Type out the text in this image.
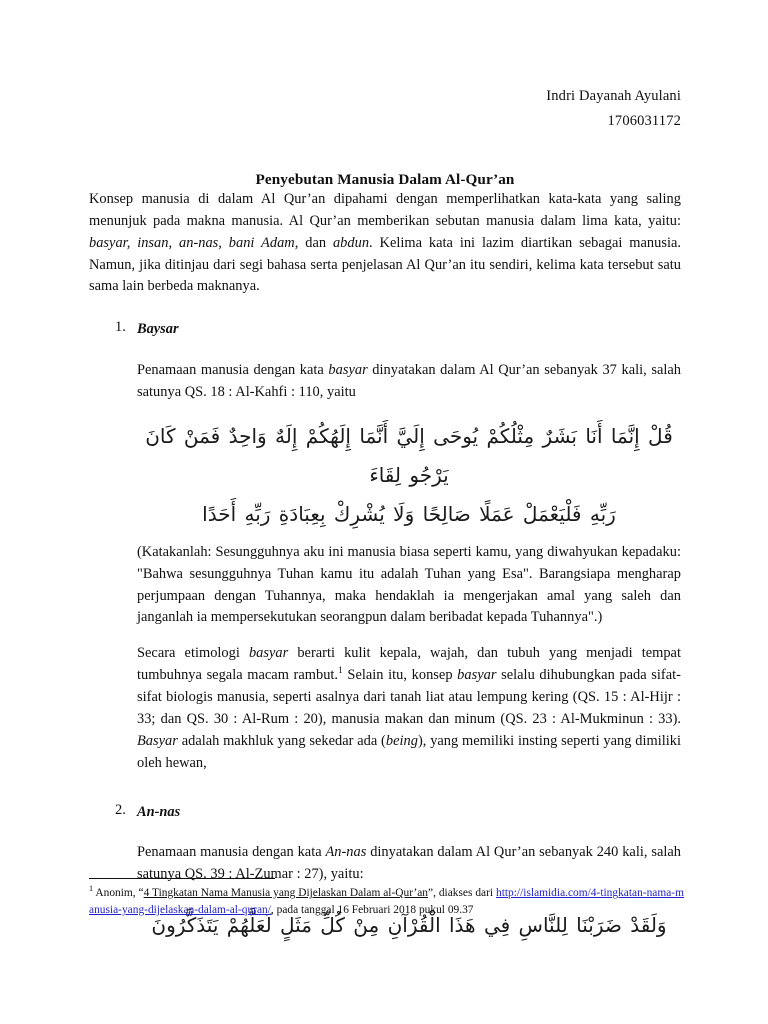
Indri Dayanah Ayulani
1706031172
Penyebutan Manusia Dalam Al-Qur’an

Konsep manusia di dalam Al Qur’an dipahami dengan memperlihatkan kata-kata yang saling menunjuk pada makna manusia. Al Qur’an memberikan sebutan manusia dalam lima kata, yaitu: basyar, insan, an-nas, bani Adam, dan abdun. Kelima kata ini lazim diartikan sebagai manusia. Namun, jika ditinjau dari segi bahasa serta penjelasan Al Qur’an itu sendiri, kelima kata tersebut satu sama lain berbeda maknanya.

1. Baysar

Penamaan manusia dengan kata basyar dinyatakan dalam Al Qur’an sebanyak 37 kali, salah satunya QS. 18 : Al-Kahfi : 110, yaitu

قُلْ إِنَّمَا أَنَا بَشَرٌ مِثْلُكُمْ يُوحَى إِلَيَّ أَنَّمَا إِلَهُكُمْ إِلَهٌ وَاحِدٌ فَمَنْ كَانَ يَرْجُو لِقَاءَ
رَبِّهِ فَلْيَعْمَلْ عَمَلًا صَالِحًا وَلَا يُشْرِكْ بِعِبَادَةِ رَبِّهِ أَحَدًا

(Katakanlah: Sesungguhnya aku ini manusia biasa seperti kamu, yang diwahyukan kepadaku: "Bahwa sesungguhnya Tuhan kamu itu adalah Tuhan yang Esa". Barangsiapa mengharap perjumpaan dengan Tuhannya, maka hendaklah ia mengerjakan amal yang saleh dan janganlah ia mempersekutukan seorangpun dalam beribadat kepada Tuhannya".)

Secara etimologi basyar berarti kulit kepala, wajah, dan tubuh yang menjadi tempat tumbuhnya segala macam rambut.$^1$ Selain itu, konsep basyar selalu dihubungkan pada sifat-sifat biologis manusia, seperti asalnya dari tanah liat atau lempung kering (QS. 15 : Al-Hijr : 33; dan QS. 30 : Al-Rum : 20), manusia makan dan minum (QS. 23 : Al-Mukminun : 33). Basyar adalah makhluk yang sekedar ada (being), yang memiliki insting seperti yang dimiliki oleh hewan,

2. An-nas

Penamaan manusia dengan kata An-nas dinyatakan dalam Al Qur’an sebanyak 240 kali, salah satunya QS. 39 : Al-Zumar : 27), yaitu:

وَلَقَدْ ضَرَبْنَا لِلنَّاسِ فِي هَذَا الْقُرْآنِ مِنْ كُلِّ مَثَلٍ لَعَلَّهُمْ يَتَذَكَّرُونَ

$^1$ Anonim, “4 Tingkatan Nama Manusia yang Dijelaskan Dalam al-Qur’an”, diakses dari http://islamidia.com/4-tingkatan-nama-manusia-yang-dijelaskan-dalam-al-quran/, pada tanggal 16 Februari 2018 pukul 09.37
